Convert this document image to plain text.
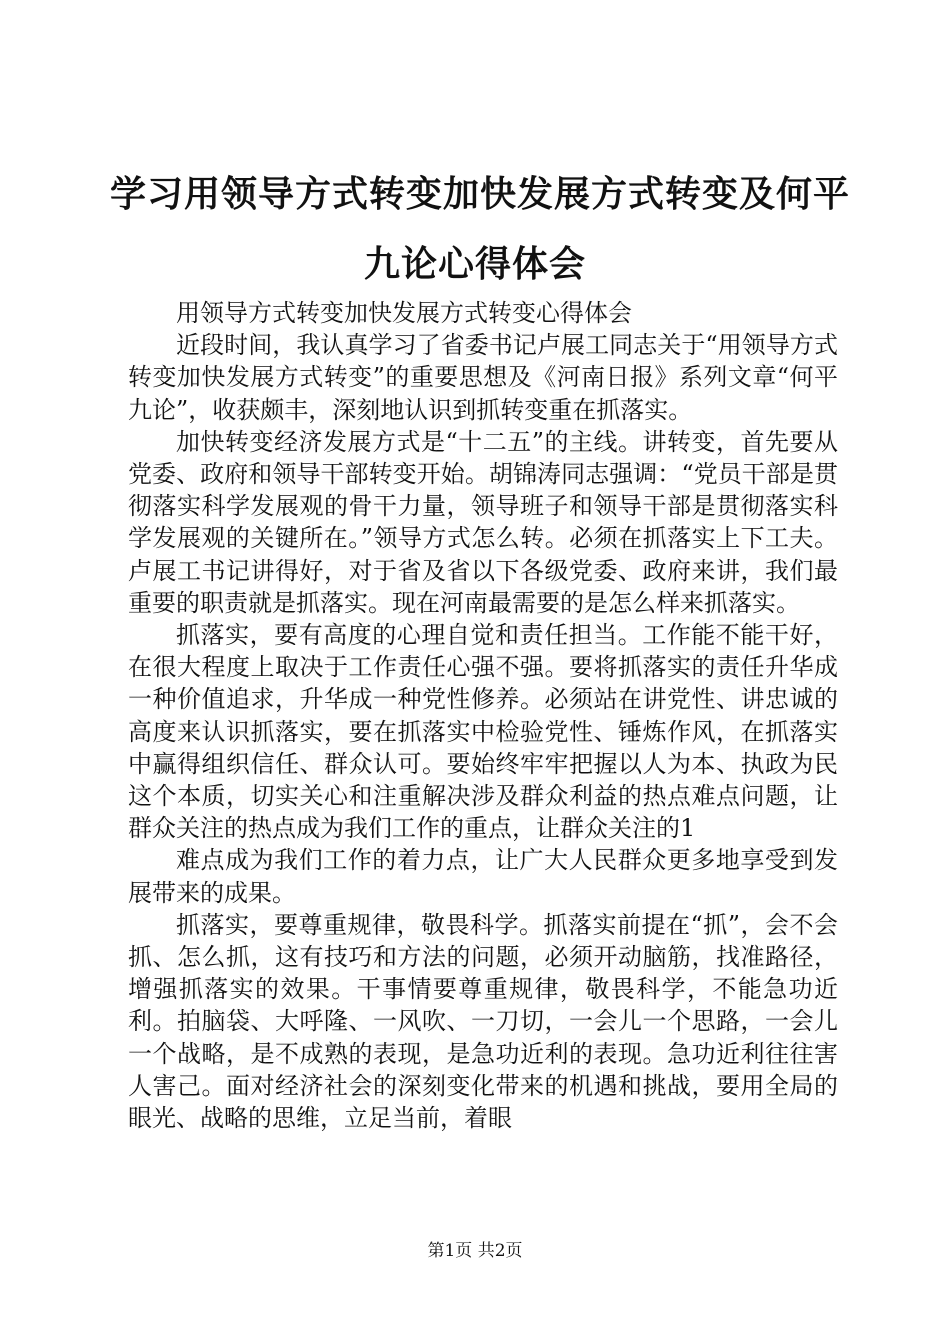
学习用领导方式转变加快发展方式转变及何平
九论心得体会

用领导方式转变加快发展方式转变心得体会

近段时间，我认真学习了省委书记卢展工同志关于“用领导方式转变加快发展方式转变”的重要思想及《河南日报》系列文章“何平九论”，收获颇丰，深刻地认识到抓转变重在抓落实。

加快转变经济发展方式是“十二五”的主线。讲转变，首先要从党委、政府和领导干部转变开始。胡锦涛同志强调：“党员干部是贯彻落实科学发展观的骨干力量，领导班子和领导干部是贯彻落实科学发展观的关键所在。”领导方式怎么转。必须在抓落实上下工夫。卢展工书记讲得好，对于省及省以下各级党委、政府来讲，我们最重要的职责就是抓落实。现在河南最需要的是怎么样来抓落实。

抓落实，要有高度的心理自觉和责任担当。工作能不能干好，在很大程度上取决于工作责任心强不强。要将抓落实的责任升华成一种价值追求，升华成一种党性修养。必须站在讲党性、讲忠诚的高度来认识抓落实，要在抓落实中检验党性、锤炼作风，在抓落实中赢得组织信任、群众认可。要始终牢牢把握以人为本、执政为民这个本质，切实关心和注重解决涉及群众利益的热点难点问题，让群众关注的热点成为我们工作的重点，让群众关注的1

难点成为我们工作的着力点，让广大人民群众更多地享受到发展带来的成果。

抓落实，要尊重规律，敬畏科学。抓落实前提在“抓”，会不会抓、怎么抓，这有技巧和方法的问题，必须开动脑筋，找准路径，增强抓落实的效果。干事情要尊重规律，敬畏科学，不能急功近利。拍脑袋、大呼隆、一风吹、一刀切，一会儿一个思路，一会儿一个战略，是不成熟的表现，是急功近利的表现。急功近利往往害人害己。面对经济社会的深刻变化带来的机遇和挑战，要用全局的眼光、战略的思维，立足当前，着眼

第1页 共2页
